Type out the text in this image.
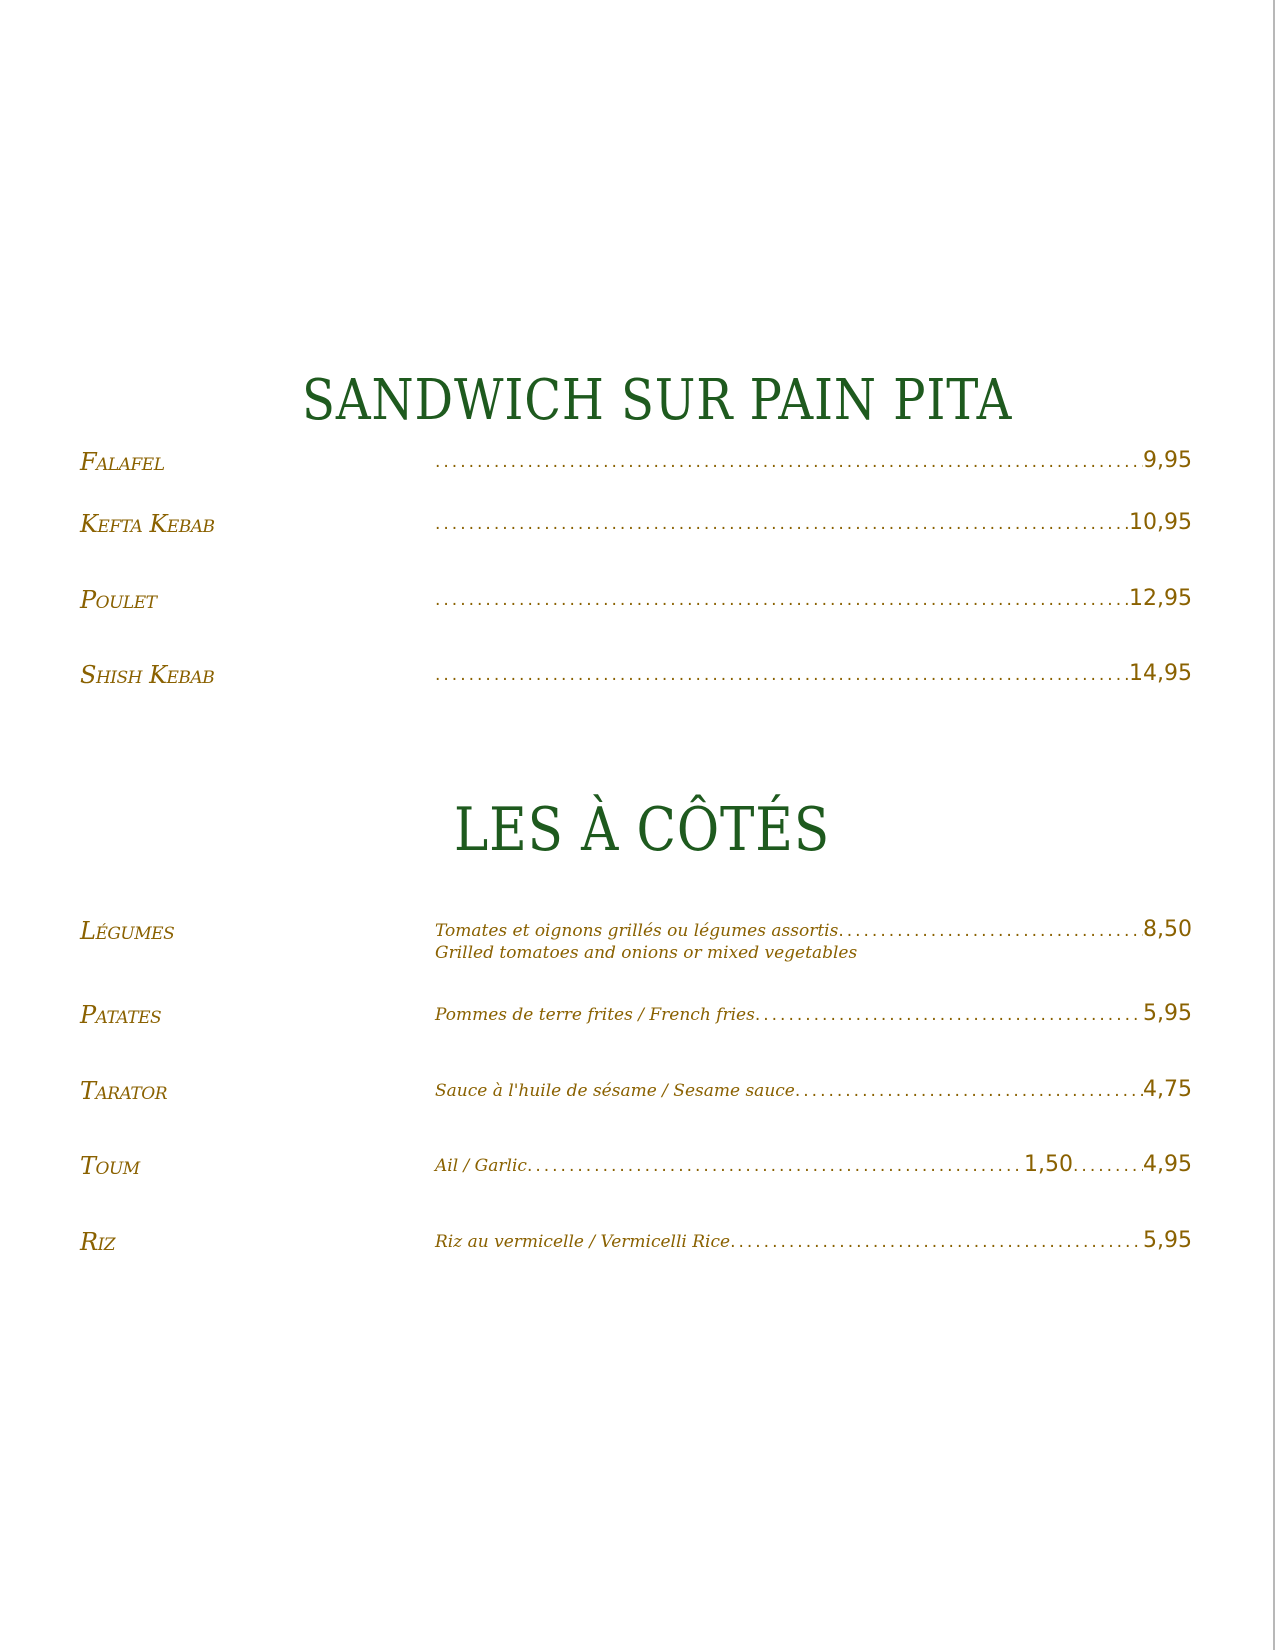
SANDWICH SUR PAIN PITA
Falafel .....	9,95
Kefta Kebab .....	10,95
Poulet .....	12,95
Shish Kebab .....	14,95
LES À CÔTÉS
Légumes	Tomates et oignons grillés ou légumes assortis .....	8,50
Grilled tomatoes and onions or mixed vegetables
Patates	Pommes de terre frites / French fries .....	5,95
Tarator	Sauce à l'huile de sésame / Sesame sauce .....	4,75
Toum	Ail / Garlic .....	1,50 .....	4,95
Riz	Riz au vermicelle / Vermicelli Rice .....	5,95
